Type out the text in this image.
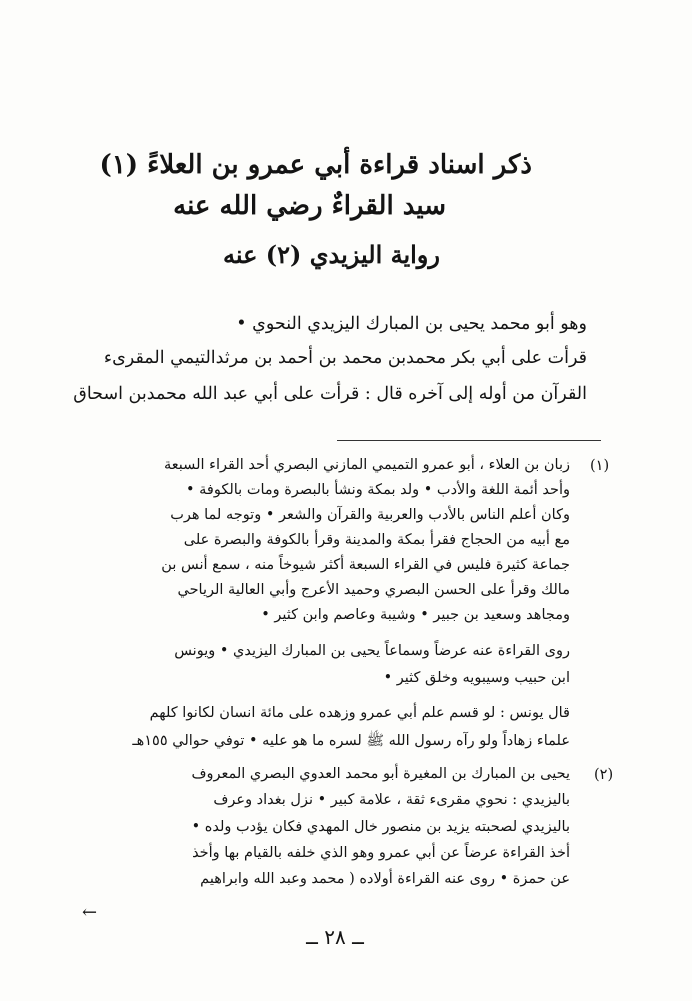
ذكر اسناد قراءة أبي عمرو بن العلاءً (١)
سيد القراءٌ رضي الله عنه
رواية اليزيدي (٢) عنه
وهو أبو محمد يحيى بن المبارك اليزيدي النحوي •
قرأت على أبي بكر محمدبن محمد بن أحمد بن مرثدالتيمي المقرىء
القرآن من أوله إلى آخره قال : قرأت على أبي عبد الله محمدبن اسحاق
(١)
زبان بن العلاء ، أبو عمرو التميمي المازني البصري أحد القراء السبعة
وأحد أئمة اللغة والأدب • ولد بمكة ونشأ بالبصرة ومات بالكوفة •
وكان أعلم الناس بالأدب والعربية والقرآن والشعر • وتوجه لما هرب
مع أبيه من الحجاج فقرأ بمكة والمدينة وقرأ بالكوفة والبصرة على
جماعة كثيرة فليس في القراء السبعة أكثر شيوخاً منه ، سمع أنس بن
مالك وقرأ على الحسن البصري وحميد الأعرج وأبي العالية الرياحي
ومجاهد وسعيد بن جبير • وشيبة وعاصم وابن كثير •
روى القراءة عنه عرضاً وسماعاً يحيى بن المبارك اليزيدي • ويونس
ابن حبيب وسيبويه وخلق كثير •
قال يونس : لو قسم علم أبي عمرو وزهده على مائة انسان لكانوا كلهم
علماء زهاداً ولو رآه رسول الله ﷺ لسره ما هو عليه • توفي حوالي ١٥٥هـ
(٢)
يحيى بن المبارك بن المغيرة أبو محمد العدوي البصري المعروف
باليزيدي : نحوي مقرىء ثقة ، علامة كبير • نزل بغداد وعرف
باليزيدي لصحبته يزيد بن منصور خال المهدي فكان يؤدب ولده •
أخذ القراءة عرضاً عن أبي عمرو وهو الذي خلفه بالقيام بها وأخذ
عن حمزة • روى عنه القراءة أولاده ( محمد وعبد الله وابراهيم
←
ــ ٢٨ ــ
